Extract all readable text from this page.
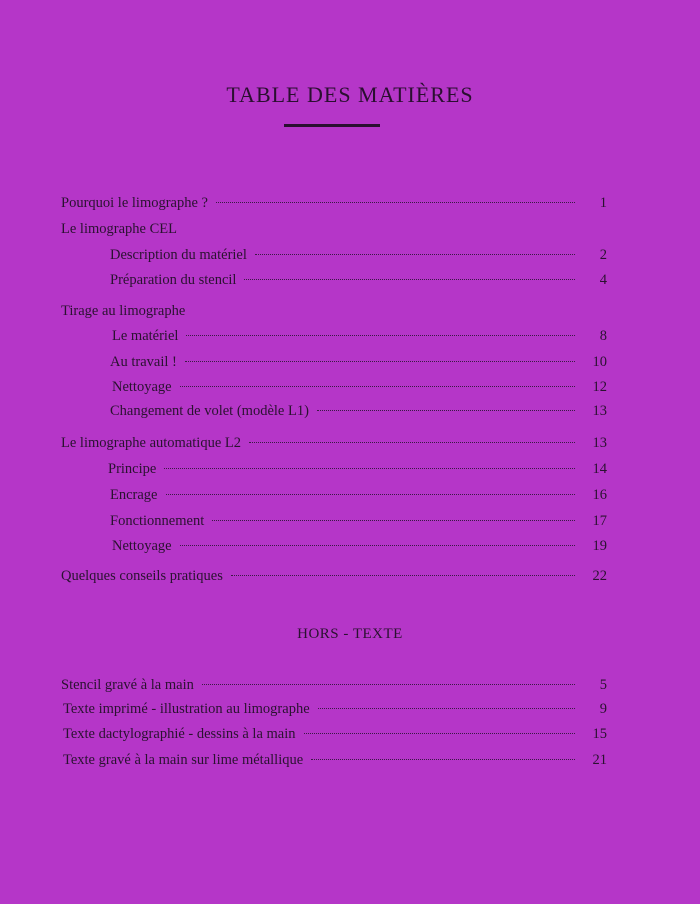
TABLE DES MATIÈRES
Pourquoi le limographe ?	1
Le limographe CEL
Description du matériel	2
Préparation du stencil	4
Tirage au limographe
Le matériel	8
Au travail !	10
Nettoyage	12
Changement de volet (modèle L1)	13
Le limographe automatique L2	13
Principe	14
Encrage	16
Fonctionnement	17
Nettoyage	19
Quelques conseils pratiques	22
HORS - TEXTE
Stencil gravé à la main	5
Texte imprimé - illustration au limographe	9
Texte dactylographié - dessins à la main	15
Texte gravé à la main sur lime métallique	21
